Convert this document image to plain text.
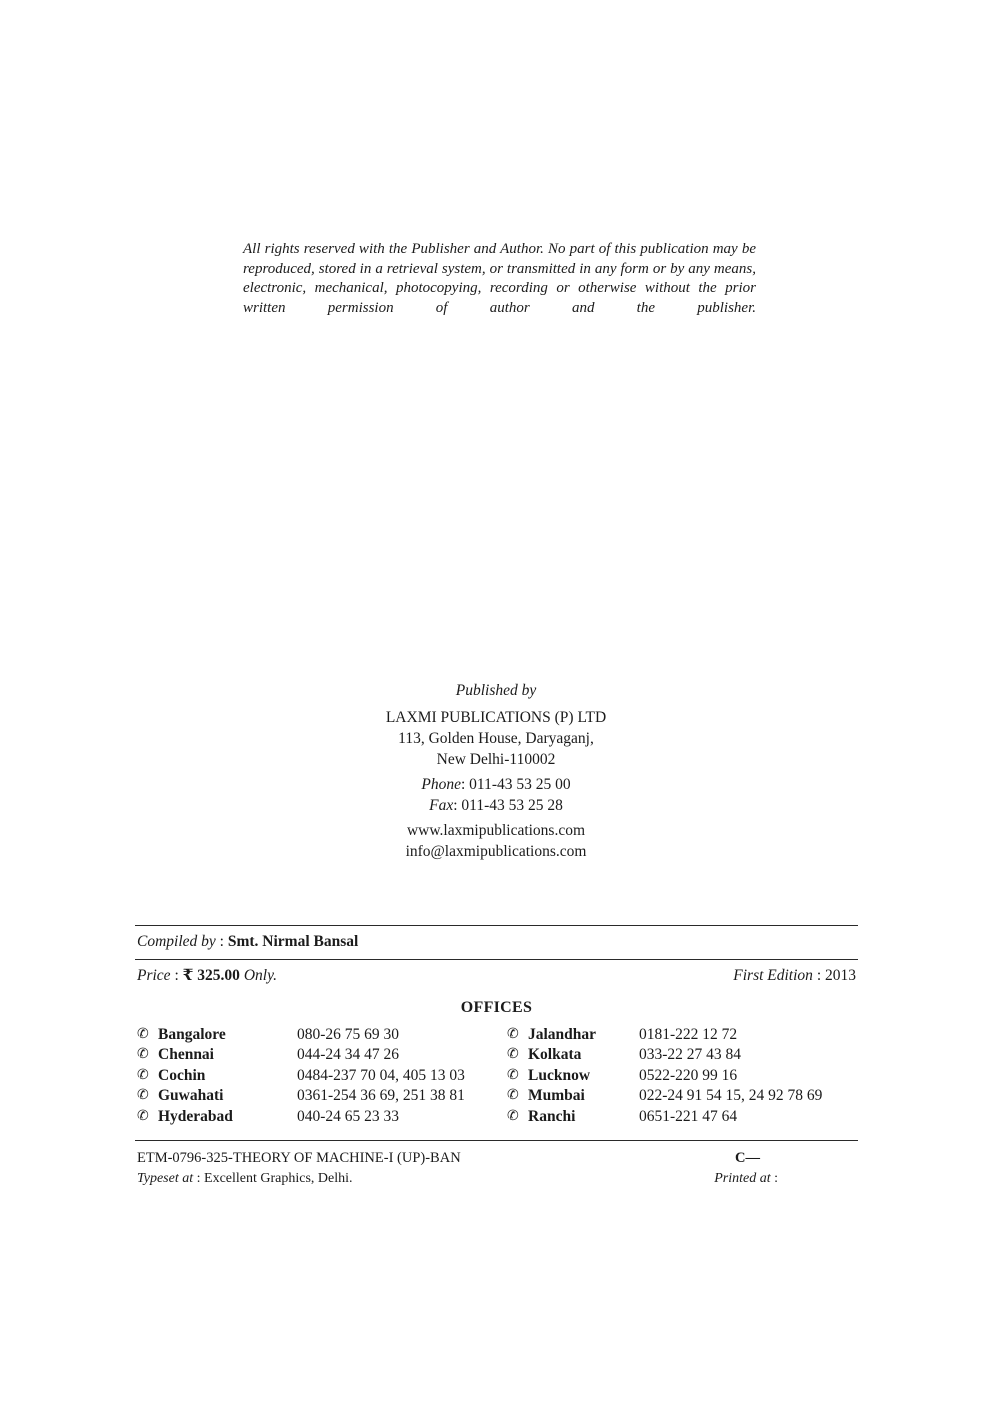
All rights reserved with the Publisher and Author. No part of this publication may be reproduced, stored in a retrieval system, or transmitted in any form or by any means, electronic, mechanical, photocopying, recording or otherwise without the prior written permission of author and the publisher.

Published by
LAXMI PUBLICATIONS (P) LTD
113, Golden House, Daryaganj,
New Delhi-110002
Phone: 011-43 53 25 00
Fax: 011-43 53 25 28
www.laxmipublications.com
info@laxmipublications.com
Compiled by : Smt. Nirmal Bansal
Price : ₹ 325.00 Only.	First Edition : 2013
OFFICES
✆ Bangalore	080-26 75 69 30
✆ Chennai	044-24 34 47 26
✆ Cochin	0484-237 70 04, 405 13 03
✆ Guwahati	0361-254 36 69, 251 38 81
✆ Hyderabad	040-24 65 23 33
✆ Jalandhar	0181-222 12 72
✆ Kolkata	033-22 27 43 84
✆ Lucknow	0522-220 99 16
✆ Mumbai	022-24 91 54 15, 24 92 78 69
✆ Ranchi	0651-221 47 64
ETM-0796-325-THEORY OF MACHINE-I (UP)-BAN	C—
Typeset at : Excellent Graphics, Delhi.	Printed at :
